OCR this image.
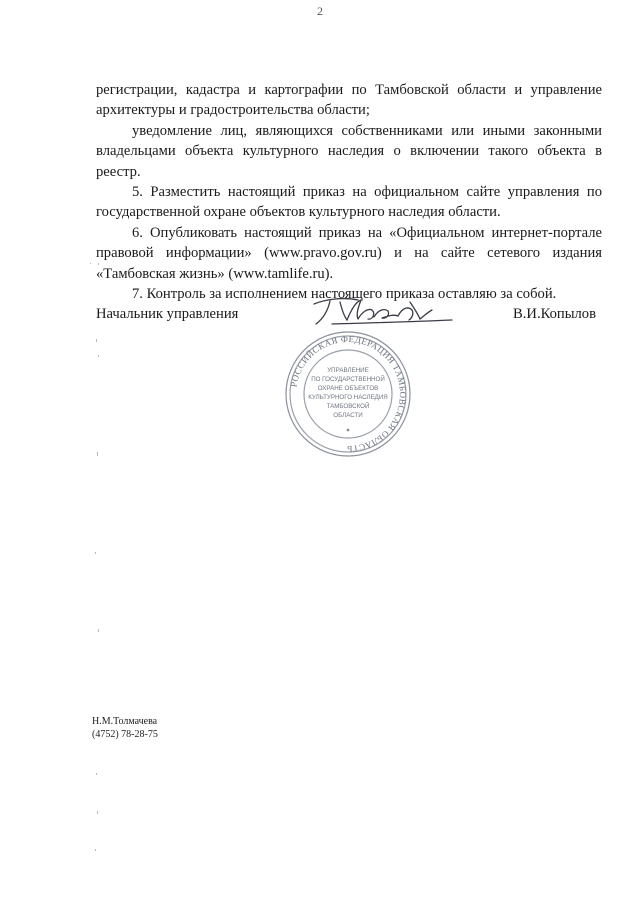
2

регистрации, кадастра и картографии по Тамбовской области и управление архитектуры и градостроительства области;

уведомление лиц, являющихся собственниками или иными законными владельцами объекта культурного наследия о включении такого объекта в реестр.

5. Разместить настоящий приказ на официальном сайте управления по государственной охране объектов культурного наследия области.

6. Опубликовать настоящий приказ на «Официальном интернет-портале правовой информации» (www.pravo.gov.ru) и на сайте сетевого издания «Тамбовская жизнь» (www.tamlife.ru).

7. Контроль за исполнением настоящего приказа оставляю за собой.

Начальник управления	В.И.Копылов
РОССИЙСКАЯ ФЕДЕРАЦИЯ ТАМБОВСКАЯ ОБЛАСТЬ
УПРАВЛЕНИЕ
ПО ГОСУДАРСТВЕННОЙ
ОХРАНЕ ОБЪЕКТОВ
КУЛЬТУРНОГО НАСЛЕДИЯ
ТАМБОВСКОЙ
ОБЛАСТИ
Н.М.Толмачева
(4752) 78-28-75
